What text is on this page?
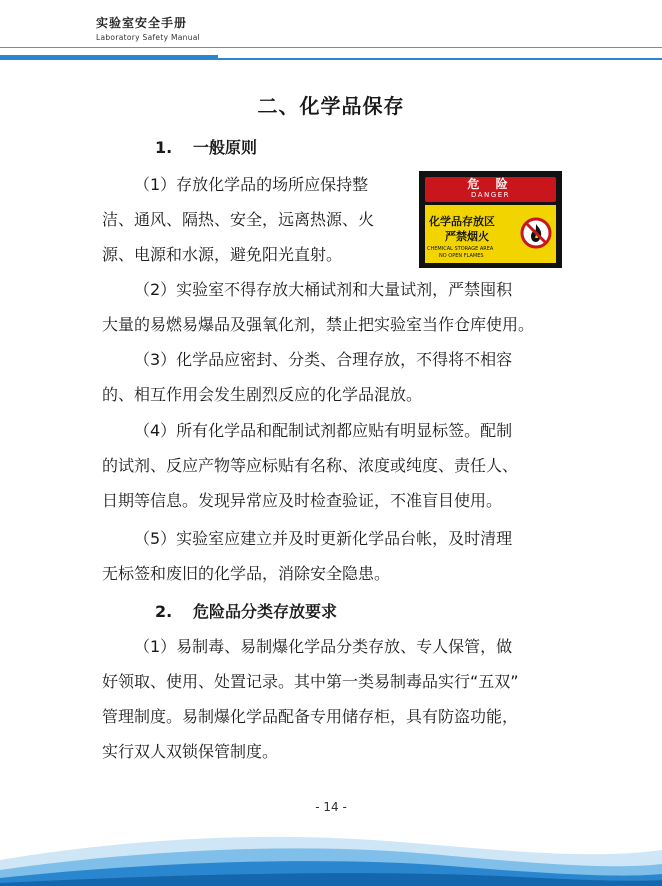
实验室安全手册
Laboratory Safety Manual
二、化学品保存
1. 一般原则
（1）存放化学品的场所应保持整
洁、通风、隔热、安全，远离热源、火
源、电源和水源，避免阳光直射。
危 险
DANGER
化学品存放区
严禁烟火
CHEMICAL STORAGE AREA
NO OPEN FLAMES
（2）实验室不得存放大桶试剂和大量试剂，严禁囤积
大量的易燃易爆品及强氧化剂，禁止把实验室当作仓库使用。
（3）化学品应密封、分类、合理存放，不得将不相容
的、相互作用会发生剧烈反应的化学品混放。
（4）所有化学品和配制试剂都应贴有明显标签。配制
的试剂、反应产物等应标贴有名称、浓度或纯度、责任人、
日期等信息。发现异常应及时检查验证，不准盲目使用。
（5）实验室应建立并及时更新化学品台帐，及时清理
无标签和废旧的化学品，消除安全隐患。
2. 危险品分类存放要求
（1）易制毒、易制爆化学品分类存放、专人保管，做
好领取、使用、处置记录。其中第一类易制毒品实行“五双”
管理制度。易制爆化学品配备专用储存柜，具有防盗功能，
实行双人双锁保管制度。
- 14 -
